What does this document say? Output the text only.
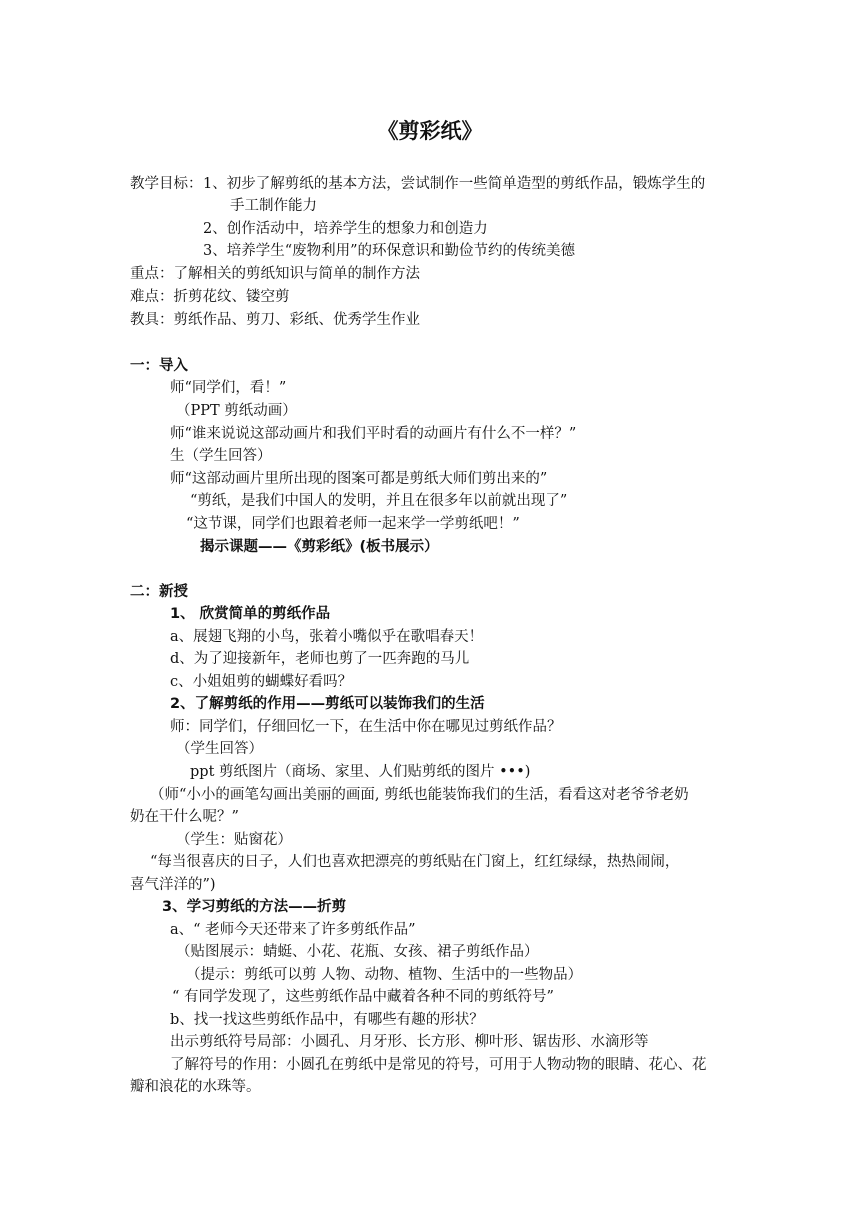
《剪彩纸》
教学目标： 1、初步了解剪纸的基本方法，尝试制作一些简单造型的剪纸作品，锻炼学生的
手工制作能力
2、创作活动中，培养学生的想象力和创造力
3、培养学生“废物利用”的环保意识和勤俭节约的传统美德
重点：了解相关的剪纸知识与简单的制作方法
难点：折剪花纹、镂空剪
教具：剪纸作品、剪刀、彩纸、优秀学生作业
一：导入
师“同学们，看！”
（PPT 剪纸动画）
师“谁来说说这部动画片和我们平时看的动画片有什么不一样？”
生（学生回答）
师“这部动画片里所出现的图案可都是剪纸大师们剪出来的”
“剪纸，是我们中国人的发明，并且在很多年以前就出现了”
“这节课，同学们也跟着老师一起来学一学剪纸吧！”
揭示课题——《剪彩纸》(板书展示）
二：新授
1、 欣赏简单的剪纸作品
a、展翅飞翔的小鸟，张着小嘴似乎在歌唱春天！
d、为了迎接新年，老师也剪了一匹奔跑的马儿
c、小姐姐剪的蝴蝶好看吗？
2、了解剪纸的作用——剪纸可以装饰我们的生活
师：同学们，仔细回忆一下，在生活中你在哪见过剪纸作品？
（学生回答）
ppt 剪纸图片（商场、家里、人们贴剪纸的图片 •••)
（师“小小的画笔勾画出美丽的画面, 剪纸也能装饰我们的生活，看看这对老爷爷老奶
奶在干什么呢？”
（学生：贴窗花）
“每当很喜庆的日子，人们也喜欢把漂亮的剪纸贴在门窗上，红红绿绿，热热闹闹，
喜气洋洋的”)
3、学习剪纸的方法——折剪
a、“ 老师今天还带来了许多剪纸作品”
（贴图展示：蜻蜓、小花、花瓶、女孩、裙子剪纸作品）
（提示：剪纸可以剪 人物、动物、植物、生活中的一些物品）
“ 有同学发现了，这些剪纸作品中藏着各种不同的剪纸符号”
b、找一找这些剪纸作品中，有哪些有趣的形状？
出示剪纸符号局部：小圆孔、月牙形、长方形、柳叶形、锯齿形、水滴形等
了解符号的作用：小圆孔在剪纸中是常见的符号，可用于人物动物的眼睛、花心、花
瓣和浪花的水珠等。
